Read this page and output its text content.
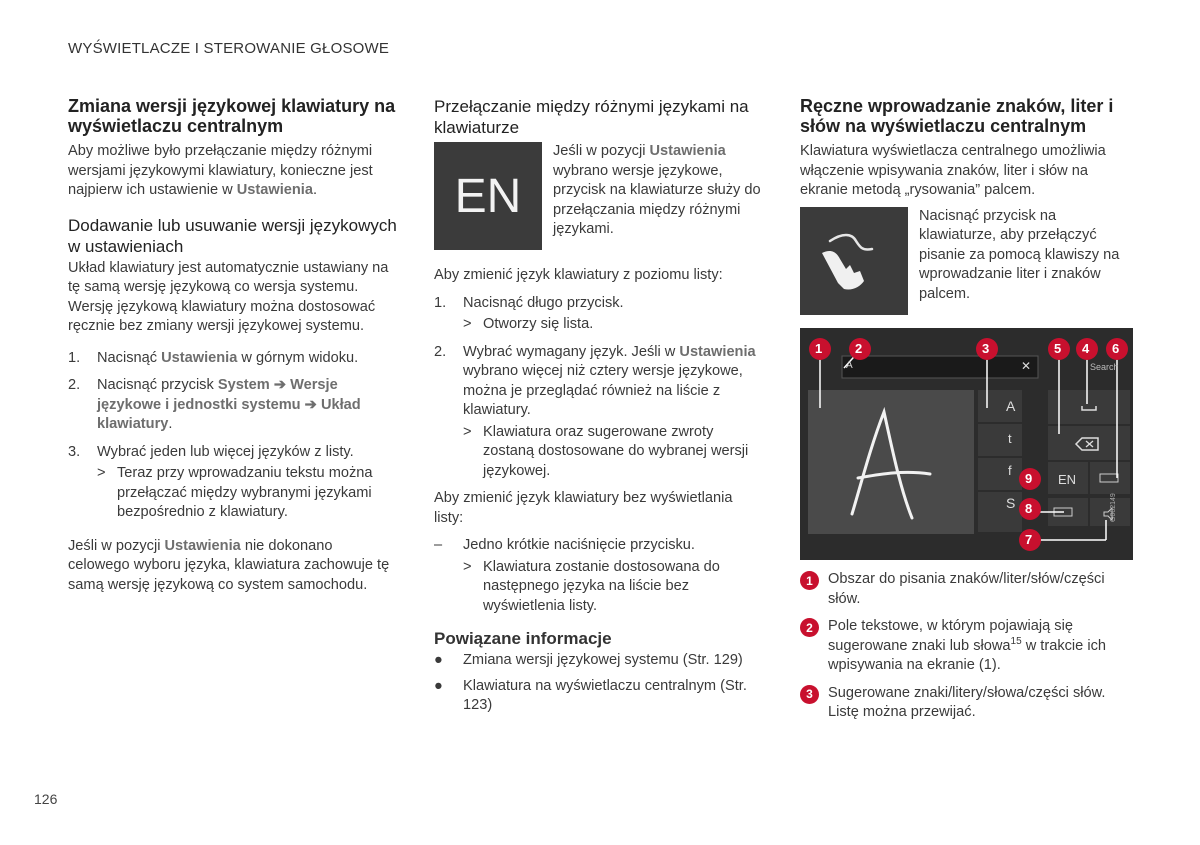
WYŚWIETLACZE I STEROWANIE GŁOSOWE
126
Zmiana wersji językowej klawiatury na wyświetlaczu centralnym

Aby możliwe było przełączanie między różnymi wersjami językowymi klawiatury, konieczne jest najpierw ich ustawienie w Ustawienia.

Dodawanie lub usuwanie wersji językowych w ustawieniach

Układ klawiatury jest automatycznie ustawiany na tę samą wersję językową co wersja systemu. Wersję językową klawiatury można dostosować ręcznie bez zmiany wersji językowej systemu.

1.	Nacisnąć Ustawienia w górnym widoku.
2.	Nacisnąć przycisk System ➔ Wersje językowe i jednostki systemu ➔ Układ klawiatury.
3.	Wybrać jeden lub więcej języków z listy.
> Teraz przy wprowadzaniu tekstu można przełączać między wybranymi językami bezpośrednio z klawiatury.

Jeśli w pozycji Ustawienia nie dokonano celowego wyboru języka, klawiatura zachowuje tę samą wersję językową co system samochodu.

Przełączanie między różnymi językami na klawiaturze
EN

Jeśli w pozycji Ustawienia wybrano wersje językowe, przycisk na klawiaturze służy do przełączania między różnymi językami.

Aby zmienić język klawiatury z poziomu listy:

1.	Nacisnąć długo przycisk.
> Otworzy się lista.
2.	Wybrać wymagany język. Jeśli w Ustawienia wybrano więcej niż cztery wersje językowe, można je przeglądać również na liście z klawiatury.
> Klawiatura oraz sugerowane zwroty zostaną dostosowane do wybranej wersji językowej.

Aby zmienić język klawiatury bez wyświetlania listy:

–	Jedno krótkie naciśnięcie przycisku.
> Klawiatura zostanie dostosowana do następnego języka na liście bez wyświetlenia listy.
Powiązane informacje
●	Zmiana wersji językowej systemu (Str. 129)
●	Klawiatura na wyświetlaczu centralnym (Str. 123)
Ręczne wprowadzanie znaków, liter i słów na wyświetlaczu centralnym

Klawiatura wyświetlacza centralnego umożliwia włączenie wpisywania znaków, liter i słów na ekranie metodą „rysowania” palcem.

Nacisnąć przycisk na klawiaturze, aby przełączyć pisanie za pomocą klawiszy na wprowadzanie liter i znaków palcem.

A	✕	Search
A
t
f
S
EN
G062149
1	2	3	4
5	6
7
8
9
1	Obszar do pisania znaków/liter/słów/części słów.
2	Pole tekstowe, w którym pojawiają się sugerowane znaki lub słowa$^{15}$ w trakcie ich wpisywania na ekranie (1).
3	Sugerowane znaki/litery/słowa/części słów. Listę można przewijać.
